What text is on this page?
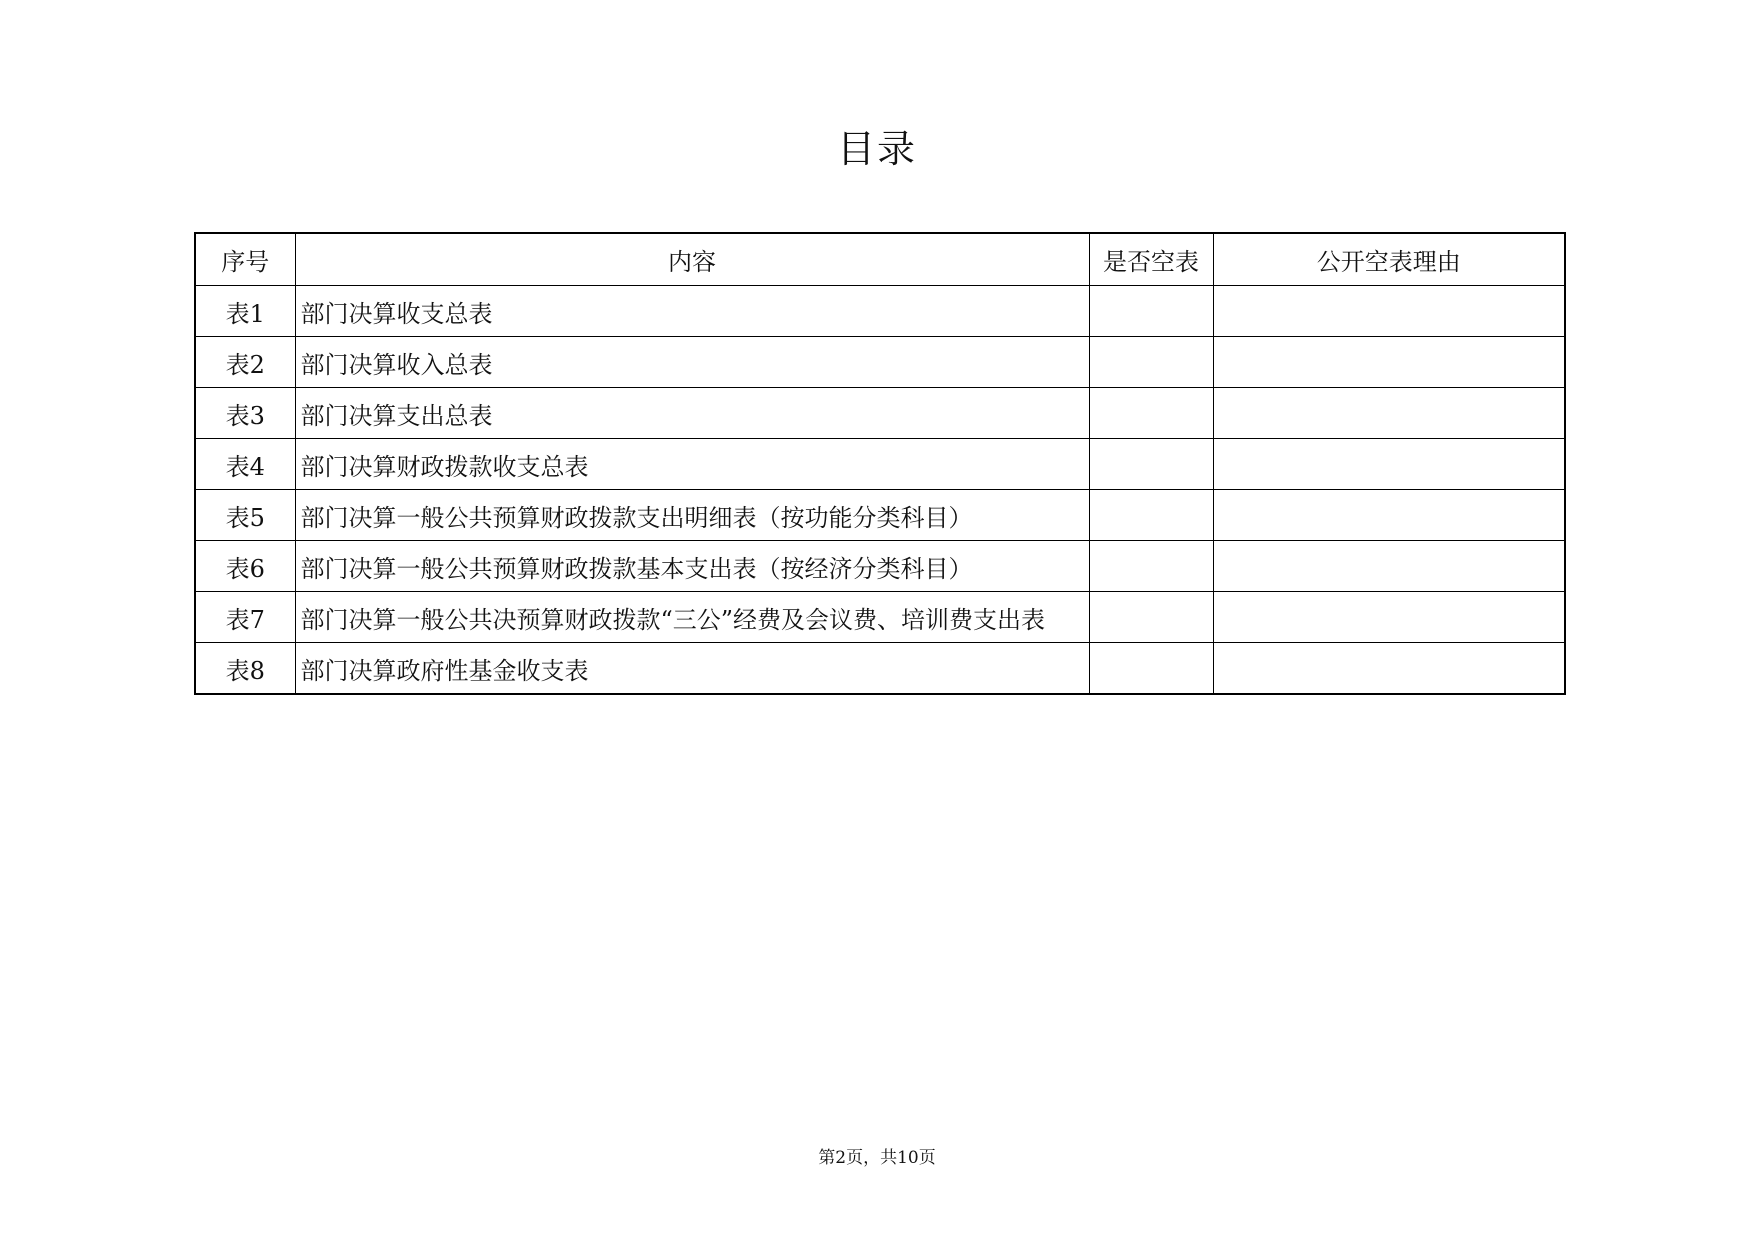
目录
序号	内容	是否空表	公开空表理由
表1	部门决算收支总表		
表2	部门决算收入总表		
表3	部门决算支出总表		
表4	部门决算财政拨款收支总表		
表5	部门决算一般公共预算财政拨款支出明细表（按功能分类科目）		
表6	部门决算一般公共预算财政拨款基本支出表（按经济分类科目）		
表7	部门决算一般公共决预算财政拨款“三公”经费及会议费、培训费支出表		
表8	部门决算政府性基金收支表		

第2页，共10页
